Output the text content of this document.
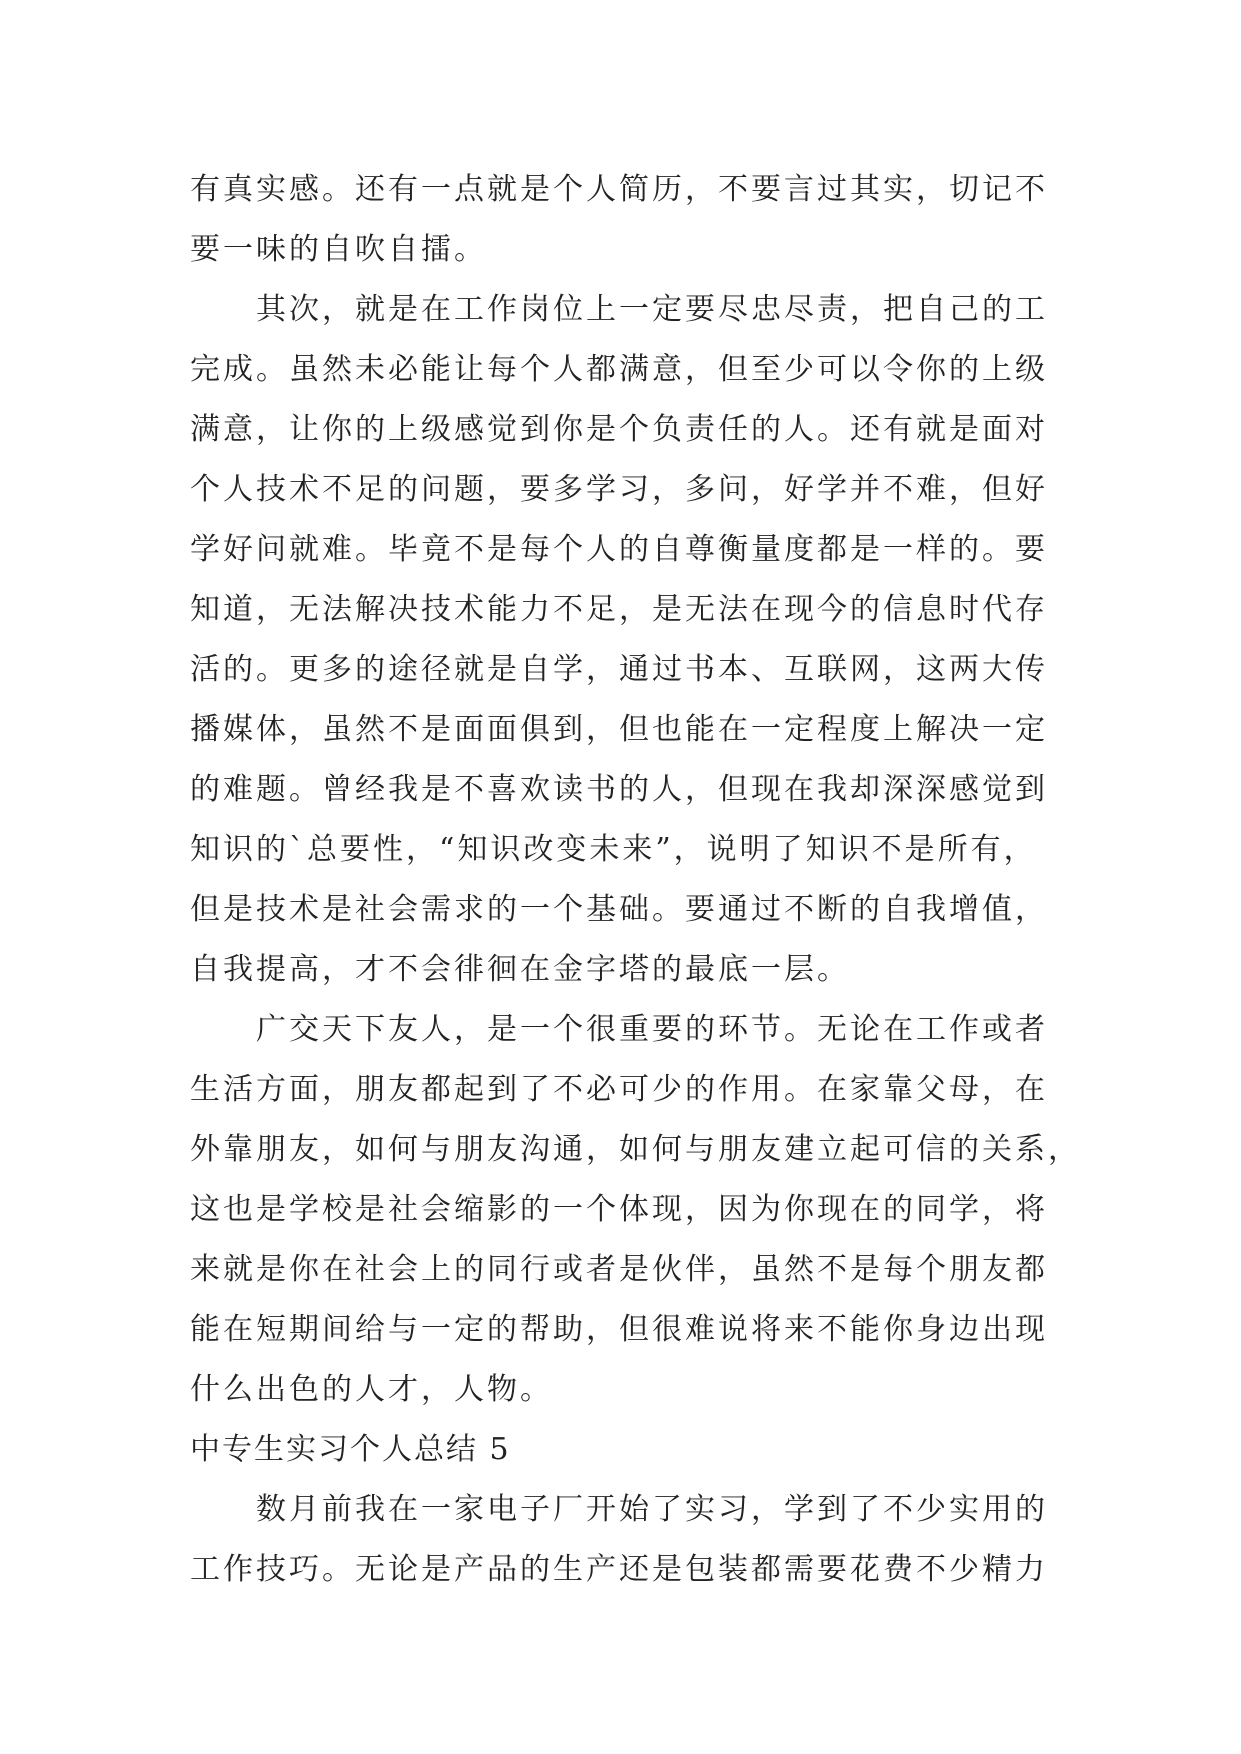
有真实感。还有一点就是个人简历，不要言过其实，切记不
要一味的自吹自擂。
其次，就是在工作岗位上一定要尽忠尽责，把自己的工
完成。虽然未必能让每个人都满意，但至少可以令你的上级
满意，让你的上级感觉到你是个负责任的人。还有就是面对
个人技术不足的问题，要多学习，多问，好学并不难，但好
学好问就难。毕竟不是每个人的自尊衡量度都是一样的。要
知道，无法解决技术能力不足，是无法在现今的信息时代存
活的。更多的途径就是自学，通过书本、互联网，这两大传
播媒体，虽然不是面面俱到，但也能在一定程度上解决一定
的难题。曾经我是不喜欢读书的人，但现在我却深深感觉到
知识的`总要性，“知识改变未来”，说明了知识不是所有，
但是技术是社会需求的一个基础。要通过不断的自我增值，
自我提高，才不会徘徊在金字塔的最底一层。
广交天下友人，是一个很重要的环节。无论在工作或者
生活方面，朋友都起到了不必可少的作用。在家靠父母，在
外靠朋友，如何与朋友沟通，如何与朋友建立起可信的关系，
这也是学校是社会缩影的一个体现，因为你现在的同学，将
来就是你在社会上的同行或者是伙伴，虽然不是每个朋友都
能在短期间给与一定的帮助，但很难说将来不能你身边出现
什么出色的人才，人物。
中专生实习个人总结 5
数月前我在一家电子厂开始了实习，学到了不少实用的
工作技巧。无论是产品的生产还是包装都需要花费不少精力
